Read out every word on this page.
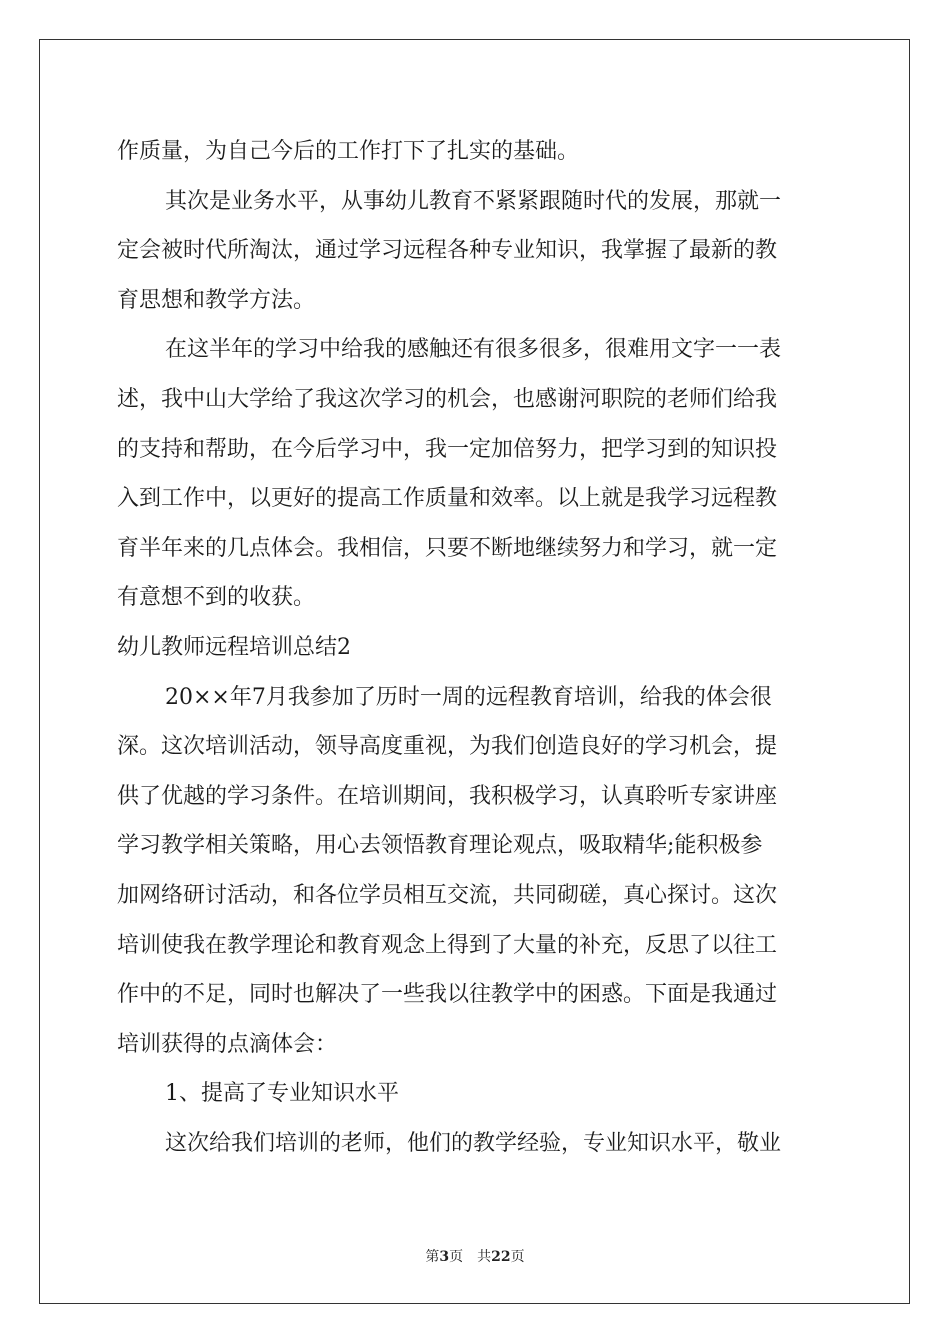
作质量，为自己今后的工作打下了扎实的基础。
其次是业务水平，从事幼儿教育不紧紧跟随时代的发展，那就一
定会被时代所淘汰，通过学习远程各种专业知识，我掌握了最新的教
育思想和教学方法。
在这半年的学习中给我的感触还有很多很多，很难用文字一一表
述，我中山大学给了我这次学习的机会，也感谢河职院的老师们给我
的支持和帮助，在今后学习中，我一定加倍努力，把学习到的知识投
入到工作中，以更好的提高工作质量和效率。以上就是我学习远程教
育半年来的几点体会。我相信，只要不断地继续努力和学习，就一定
有意想不到的收获。
幼儿教师远程培训总结2
20××年7月我参加了历时一周的远程教育培训，给我的体会很
深。这次培训活动，领导高度重视，为我们创造良好的学习机会，提
供了优越的学习条件。在培训期间，我积极学习，认真聆听专家讲座
学习教学相关策略，用心去领悟教育理论观点，吸取精华;能积极参
加网络研讨活动，和各位学员相互交流，共同砌磋，真心探讨。这次
培训使我在教学理论和教育观念上得到了大量的补充，反思了以往工
作中的不足，同时也解决了一些我以往教学中的困惑。下面是我通过
培训获得的点滴体会：
1、提高了专业知识水平
这次给我们培训的老师，他们的教学经验，专业知识水平，敬业
第3页 共22页
